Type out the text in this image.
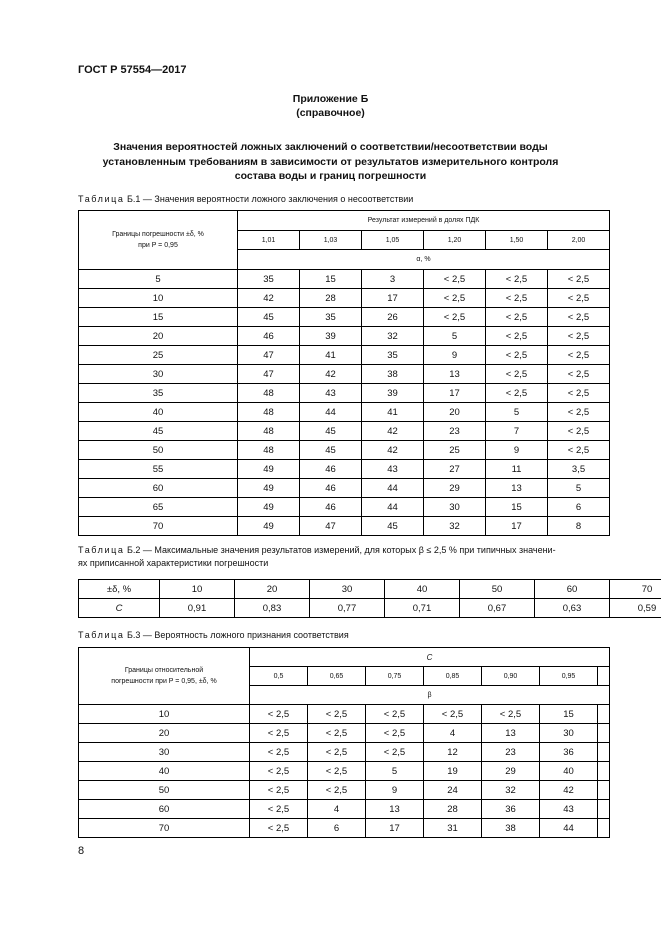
ГОСТ Р 57554—2017
Приложение Б
(справочное)
Значения вероятностей ложных заключений о соответствии/несоответствии воды
установленным требованиям в зависимости от результатов измерительного контроля
состава воды и границ погрешности
Таблица Б.1 — Значения вероятности ложного заключения о несоответствии
Границы погрешности ±δ, %
при P = 0,95	Результат измерений в долях ПДК					
	1,01	1,03	1,05	1,20	1,50	2,00
	α, %					
5	35	15	3	< 2,5	< 2,5	< 2,5
10	42	28	17	< 2,5	< 2,5	< 2,5
15	45	35	26	< 2,5	< 2,5	< 2,5
20	46	39	32	5	< 2,5	< 2,5
25	47	41	35	9	< 2,5	< 2,5
30	47	42	38	13	< 2,5	< 2,5
35	48	43	39	17	< 2,5	< 2,5
40	48	44	41	20	5	< 2,5
45	48	45	42	23	7	< 2,5
50	48	45	42	25	9	< 2,5
55	49	46	43	27	11	3,5
60	49	46	44	29	13	5
65	49	46	44	30	15	6
70	49	47	45	32	17	8
Таблица Б.2 — Максимальные значения результатов измерений, для которых β ≤ 2,5 % при типичных значени-
ях приписанной характеристики погрешности
±δ, %	10	20	30	40	50	60	70
C	0,91	0,83	0,77	0,71	0,67	0,63	0,59
Таблица Б.3 — Вероятность ложного признания соответствия
Границы относительной
погрешности при P = 0,95, ±δ, %	C						
	0,5	0,65	0,75	0,85	0,90	0,95	
	β						
10	< 2,5	< 2,5	< 2,5	< 2,5	< 2,5	15	
20	< 2,5	< 2,5	< 2,5	4	13	30	
30	< 2,5	< 2,5	< 2,5	12	23	36	
40	< 2,5	< 2,5	5	19	29	40	
50	< 2,5	< 2,5	9	24	32	42	
60	< 2,5	4	13	28	36	43	
70	< 2,5	6	17	31	38	44	
8
